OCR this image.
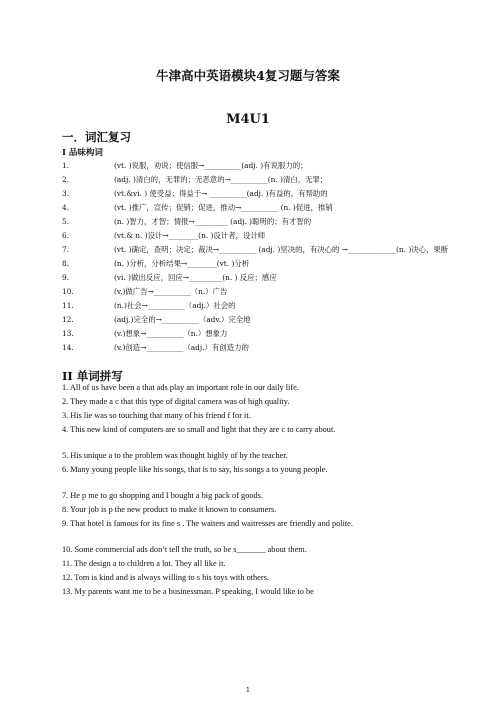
牛津高中英语模块4复习题与答案
M4U1
一．词汇复习
I 品味构词
1.	(vt. )说服，劝说；使信服→__________(adj. )有说服力的；
2.	(adj. )清白的，无罪的；无恶意的→__________(n. )清白，无罪；
3.	(vt.&vi. ) 使受益；得益于→ __________(adj. )有益的，有帮助的
4.	(vt. )推广，宣传；促销；促进，推动→__________ (n. )促进，推销
5.	(n. )智力，才智；情报→_________ (adj. )聪明的；有才智的
6.	(vt.& n. )设计→________(n. )设计者，设计师
7.	(vt. )确定，查明；决定；裁决→__________ (adj. )坚决的，有决心的 →_____________(n. )决心，果断
8.	(n. )分析，分析结果→________(vt. )分析
9.	(vi. )做出反应，回应→_________(n. ) 反应；感应
10.	(v.)做广告→__________（n.）广告
11.	(n.)社会→__________（adj.）社会的
12.	(adj.)完全的→__________（adv.）完全地
13.	(v.)想象→__________（n.）想象力
14.	(v.)创造→__________（adj.）有创造力的
II 单词拼写
1. All of us have been a that ads play an important role in our daily life.
2. They made a c that this type of digital camera was of high quality.
3. His lie was so touching that many of his friend f for it.
4. This new kind of computers are so small and light that they are c to carry about.
5. His unique a to the problem was thought highly of by the teacher.
6. Many young people like his songs, that is to say, his songs a to young people.
7. He p me to go shopping and I bought a big pack of goods.
8. Your job is p the new product to make it known to consumers.
9. That hotel is famous for its fine s . The waiters and waitresses are friendly and polite.
10. Some commercial ads don’t tell the truth, so be s_______ about them.
11. The design a to children a lot. They all like it.
12. Tom is kind and is always willing to s his toys with others.
13. My parents want me to be a businessman. P speaking, I would like to be
1
